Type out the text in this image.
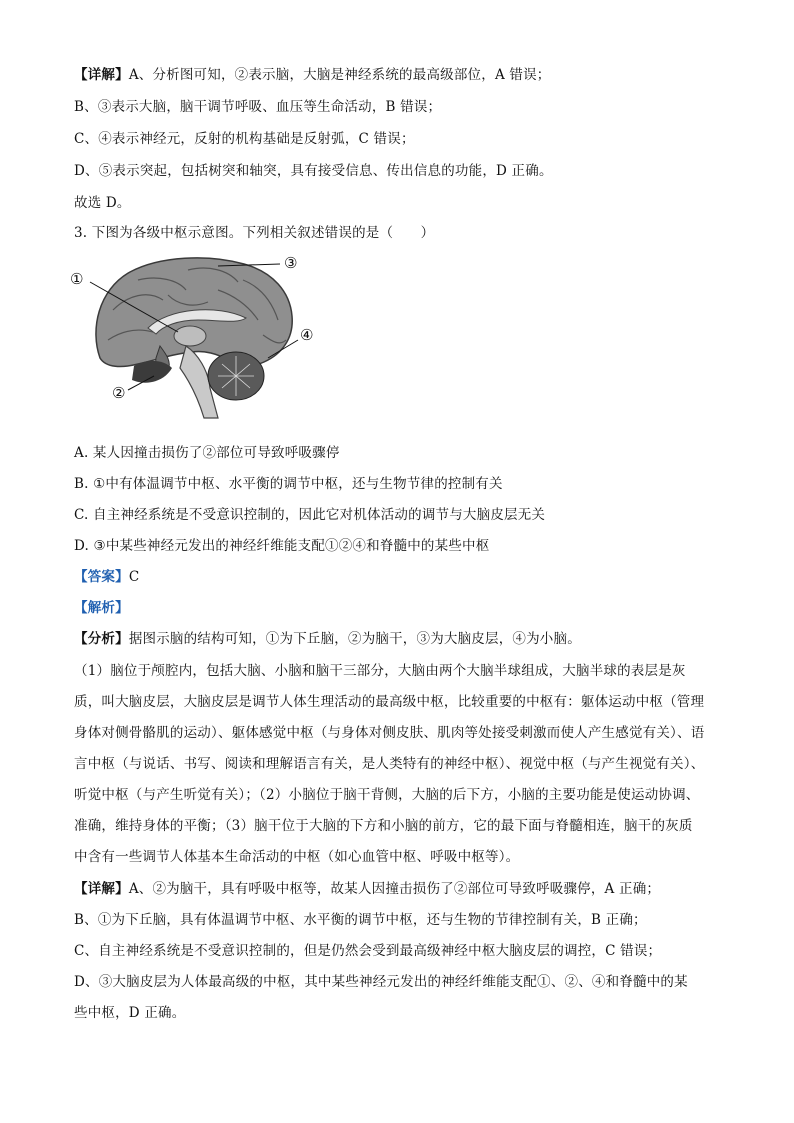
【详解】A、分析图可知，②表示脑，大脑是神经系统的最高级部位，A 错误；
B、③表示大脑，脑干调节呼吸、血压等生命活动，B 错误；
C、④表示神经元，反射的机构基础是反射弧，C 错误；
D、⑤表示突起，包括树突和轴突，具有接受信息、传出信息的功能，D 正确。
故选 D。
3. 下图为各级中枢示意图。下列相关叙述错误的是（　　）
①
②
③
④
A. 某人因撞击损伤了②部位可导致呼吸骤停
B. ①中有体温调节中枢、水平衡的调节中枢，还与生物节律的控制有关
C. 自主神经系统是不受意识控制的，因此它对机体活动的调节与大脑皮层无关
D. ③中某些神经元发出的神经纤维能支配①②④和脊髓中的某些中枢
【答案】C
【解析】
【分析】据图示脑的结构可知，①为下丘脑，②为脑干，③为大脑皮层，④为小脑。
（1）脑位于颅腔内，包括大脑、小脑和脑干三部分，大脑由两个大脑半球组成，大脑半球的表层是灰
质，叫大脑皮层，大脑皮层是调节人体生理活动的最高级中枢，比较重要的中枢有：躯体运动中枢（管理
身体对侧骨骼肌的运动）、躯体感觉中枢（与身体对侧皮肤、肌肉等处接受刺激而使人产生感觉有关）、语
言中枢（与说话、书写、阅读和理解语言有关，是人类特有的神经中枢）、视觉中枢（与产生视觉有关）、
听觉中枢（与产生听觉有关）；（2）小脑位于脑干背侧，大脑的后下方，小脑的主要功能是使运动协调、
准确，维持身体的平衡；（3）脑干位于大脑的下方和小脑的前方，它的最下面与脊髓相连，脑干的灰质
中含有一些调节人体基本生命活动的中枢（如心血管中枢、呼吸中枢等）。
【详解】A、②为脑干，具有呼吸中枢等，故某人因撞击损伤了②部位可导致呼吸骤停，A 正确；
B、①为下丘脑，具有体温调节中枢、水平衡的调节中枢，还与生物的节律控制有关，B 正确；
C、自主神经系统是不受意识控制的，但是仍然会受到最高级神经中枢大脑皮层的调控，C 错误；
D、③大脑皮层为人体最高级的中枢，其中某些神经元发出的神经纤维能支配①、②、④和脊髓中的某
些中枢，D 正确。
